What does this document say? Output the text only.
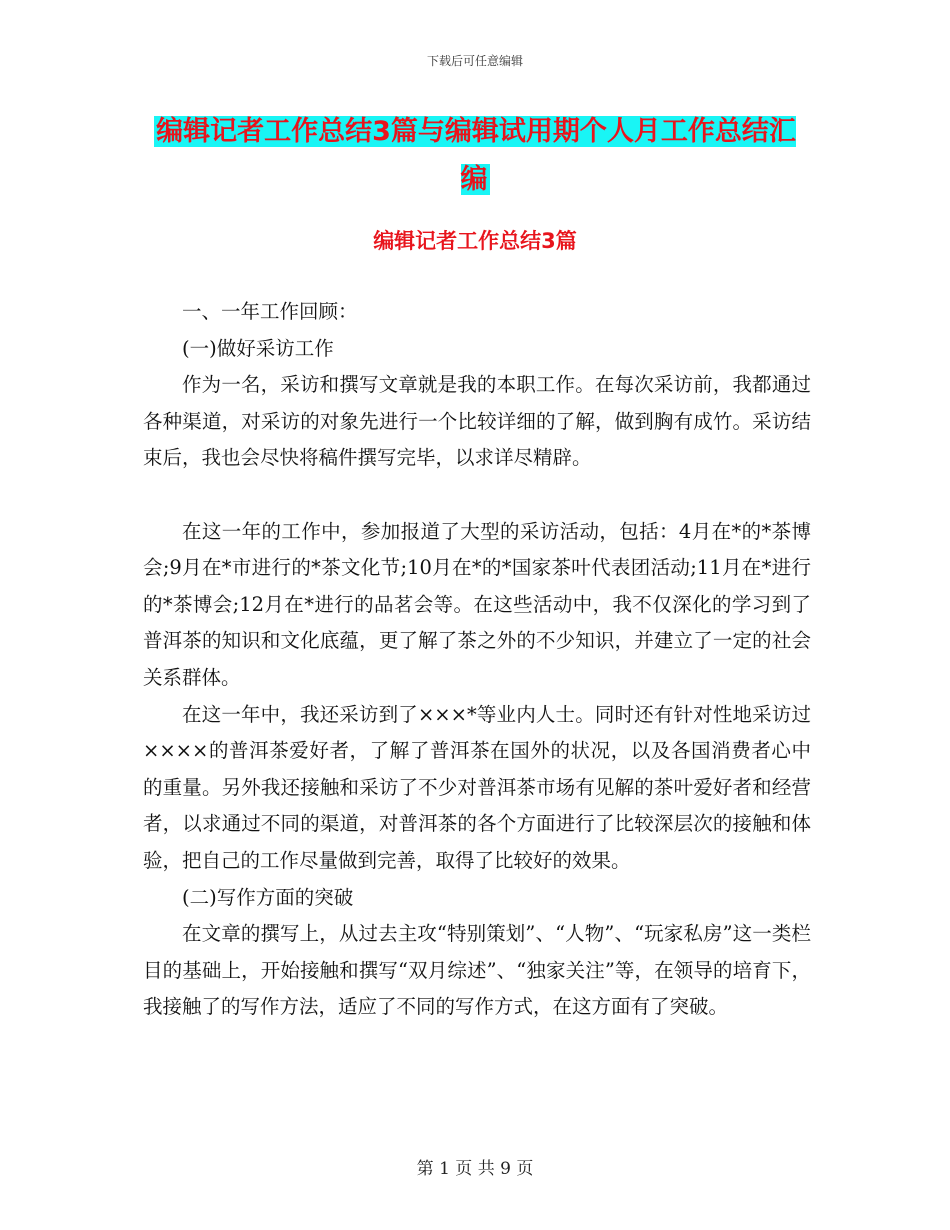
下载后可任意编辑
编辑记者工作总结3篇与编辑试用期个人月工作总结汇编
编辑记者工作总结3篇

一、一年工作回顾：

(一)做好采访工作

作为一名，采访和撰写文章就是我的本职工作。在每次采访前，我都通过各种渠道，对采访的对象先进行一个比较详细的了解，做到胸有成竹。采访结束后，我也会尽快将稿件撰写完毕，以求详尽精辟。

在这一年的工作中，参加报道了大型的采访活动，包括：4月在*的*茶博会;9月在*市进行的*茶文化节;10月在*的*国家茶叶代表团活动;11月在*进行的*茶博会;12月在*进行的品茗会等。在这些活动中，我不仅深化的学习到了普洱茶的知识和文化底蕴，更了解了茶之外的不少知识，并建立了一定的社会关系群体。

在这一年中，我还采访到了×××*等业内人士。同时还有针对性地采访过××××的普洱茶爱好者，了解了普洱茶在国外的状况，以及各国消费者心中的重量。另外我还接触和采访了不少对普洱茶市场有见解的茶叶爱好者和经营者，以求通过不同的渠道，对普洱茶的各个方面进行了比较深层次的接触和体验，把自己的工作尽量做到完善，取得了比较好的效果。

(二)写作方面的突破

在文章的撰写上，从过去主攻“特别策划”、“人物”、“玩家私房”这一类栏目的基础上，开始接触和撰写“双月综述”、“独家关注”等，在领导的培育下，我接触了的写作方法，适应了不同的写作方式，在这方面有了突破。

第 1 页 共 9 页
